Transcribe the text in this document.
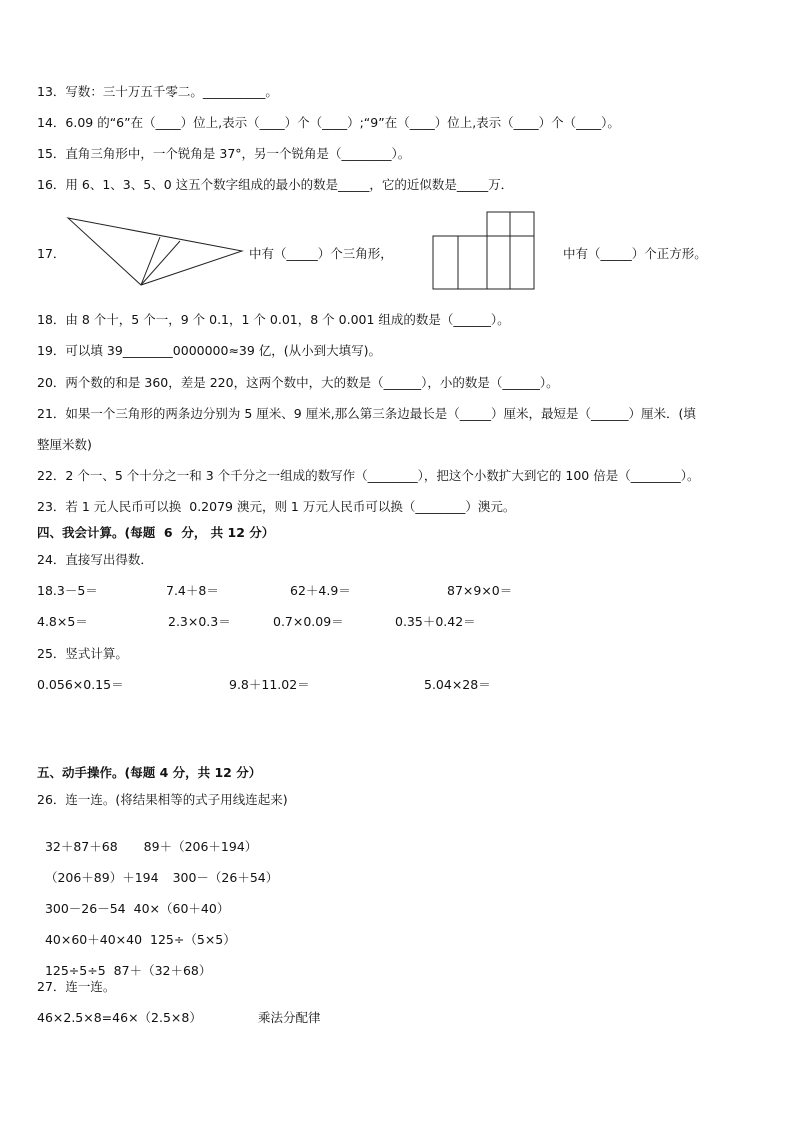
13．写数：三十万五千零二。__________。
14．6.09 的“6”在（____）位上,表示（____）个（____）;“9”在（____）位上,表示（____）个（____）。
15．直角三角形中，一个锐角是 37°，另一个锐角是（________）。
16．用 6、1、3、5、0 这五个数字组成的最小的数是_____，它的近似数是_____万．
17．	中有（_____）个三角形，	中有（_____）个正方形。
18．由 8 个十，5 个一，9 个 0.1，1 个 0.01，8 个 0.001 组成的数是（______）。
19．可以填 39________0000000≈39 亿，(从小到大填写)。
20．两个数的和是 360，差是 220，这两个数中，大的数是（______），小的数是（______）。
21．如果一个三角形的两条边分别为 5 厘米、9 厘米,那么第三条边最长是（_____）厘米，最短是（______）厘米．(填
整厘米数)
22．2 个一、5 个十分之一和 3 个千分之一组成的数写作（________），把这个小数扩大到它的 100 倍是（________）。
23．若 1 元人民币可以换  0.2079 澳元，则 1 万元人民币可以换（________）澳元。
四、我会计算。(每题  6  分， 共 12 分）
24．直接写出得数．
18.3－5＝	7.4＋8＝	62＋4.9＝	87×9×0＝
4.8×5＝	2.3×0.3＝	0.7×0.09＝	0.35＋0.42＝
25．竖式计算。
0.056×0.15＝	9.8＋11.02＝	5.04×28＝
五、动手操作。(每题 4 分，共 12 分）
26．连一连。(将结果相等的式子用线连起来)

32＋87＋68 89＋（206＋194）

（206＋89）＋194 300－（26＋54）

300－26－54 40×（60＋40）

40×60＋40×40 125÷（5×5）

125÷5÷5 87＋（32＋68）

27．连一连。
46×2.5×8=46×（2.5×8）	乘法分配律
